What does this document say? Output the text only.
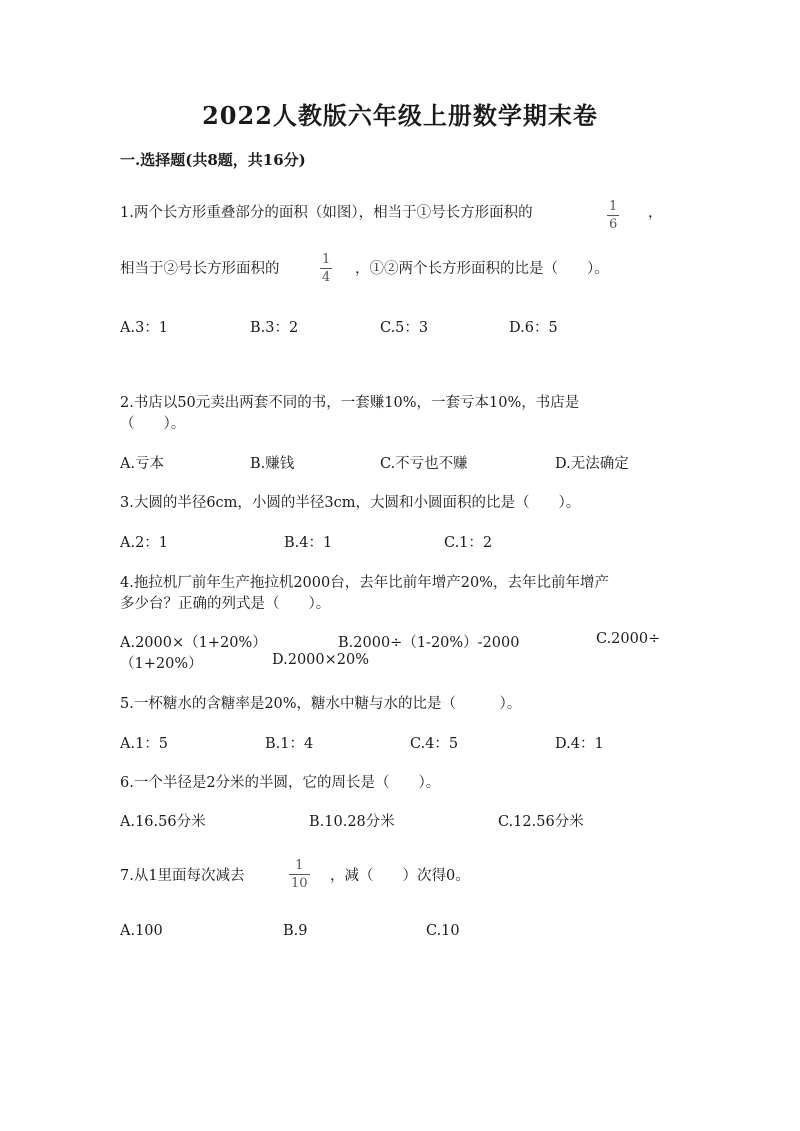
2022人教版六年级上册数学期末卷
一.选择题(共8题，共16分)
1.两个长方形重叠部分的面积（如图），相当于①号长方形面积的	1
6
，
相当于②号长方形面积的
1
4
，①②两个长方形面积的比是（　　）。
A.3：1	B.3：2	C.5：3	D.6：5
2.书店以50元卖出两套不同的书，一套赚10%，一套亏本10%，书店是
（　　）。
A.亏本	B.赚钱	C.不亏也不赚	D.无法确定
3.大圆的半径6cm，小圆的半径3cm，大圆和小圆面积的比是（　　）。
A.2：1	B.4：1	C.1：2
4.拖拉机厂前年生产拖拉机2000台，去年比前年增产20%，去年比前年增产
多少台？正确的列式是（　　）。
A.2000×（1+20%）	B.2000÷（1-20%）-2000	C.2000÷
（1+20%）	D.2000×20%
5.一杯糖水的含糖率是20%，糖水中糖与水的比是（　　　）。
A.1：5	B.1：4	C.4：5	D.4：1
6.一个半径是2分米的半圆，它的周长是（　　）。
A.16.56分米	B.10.28分米	C.12.56分米
7.从1里面每次减去
1
10 ，减（　　）次得0。
A.100	B.9	C.10
